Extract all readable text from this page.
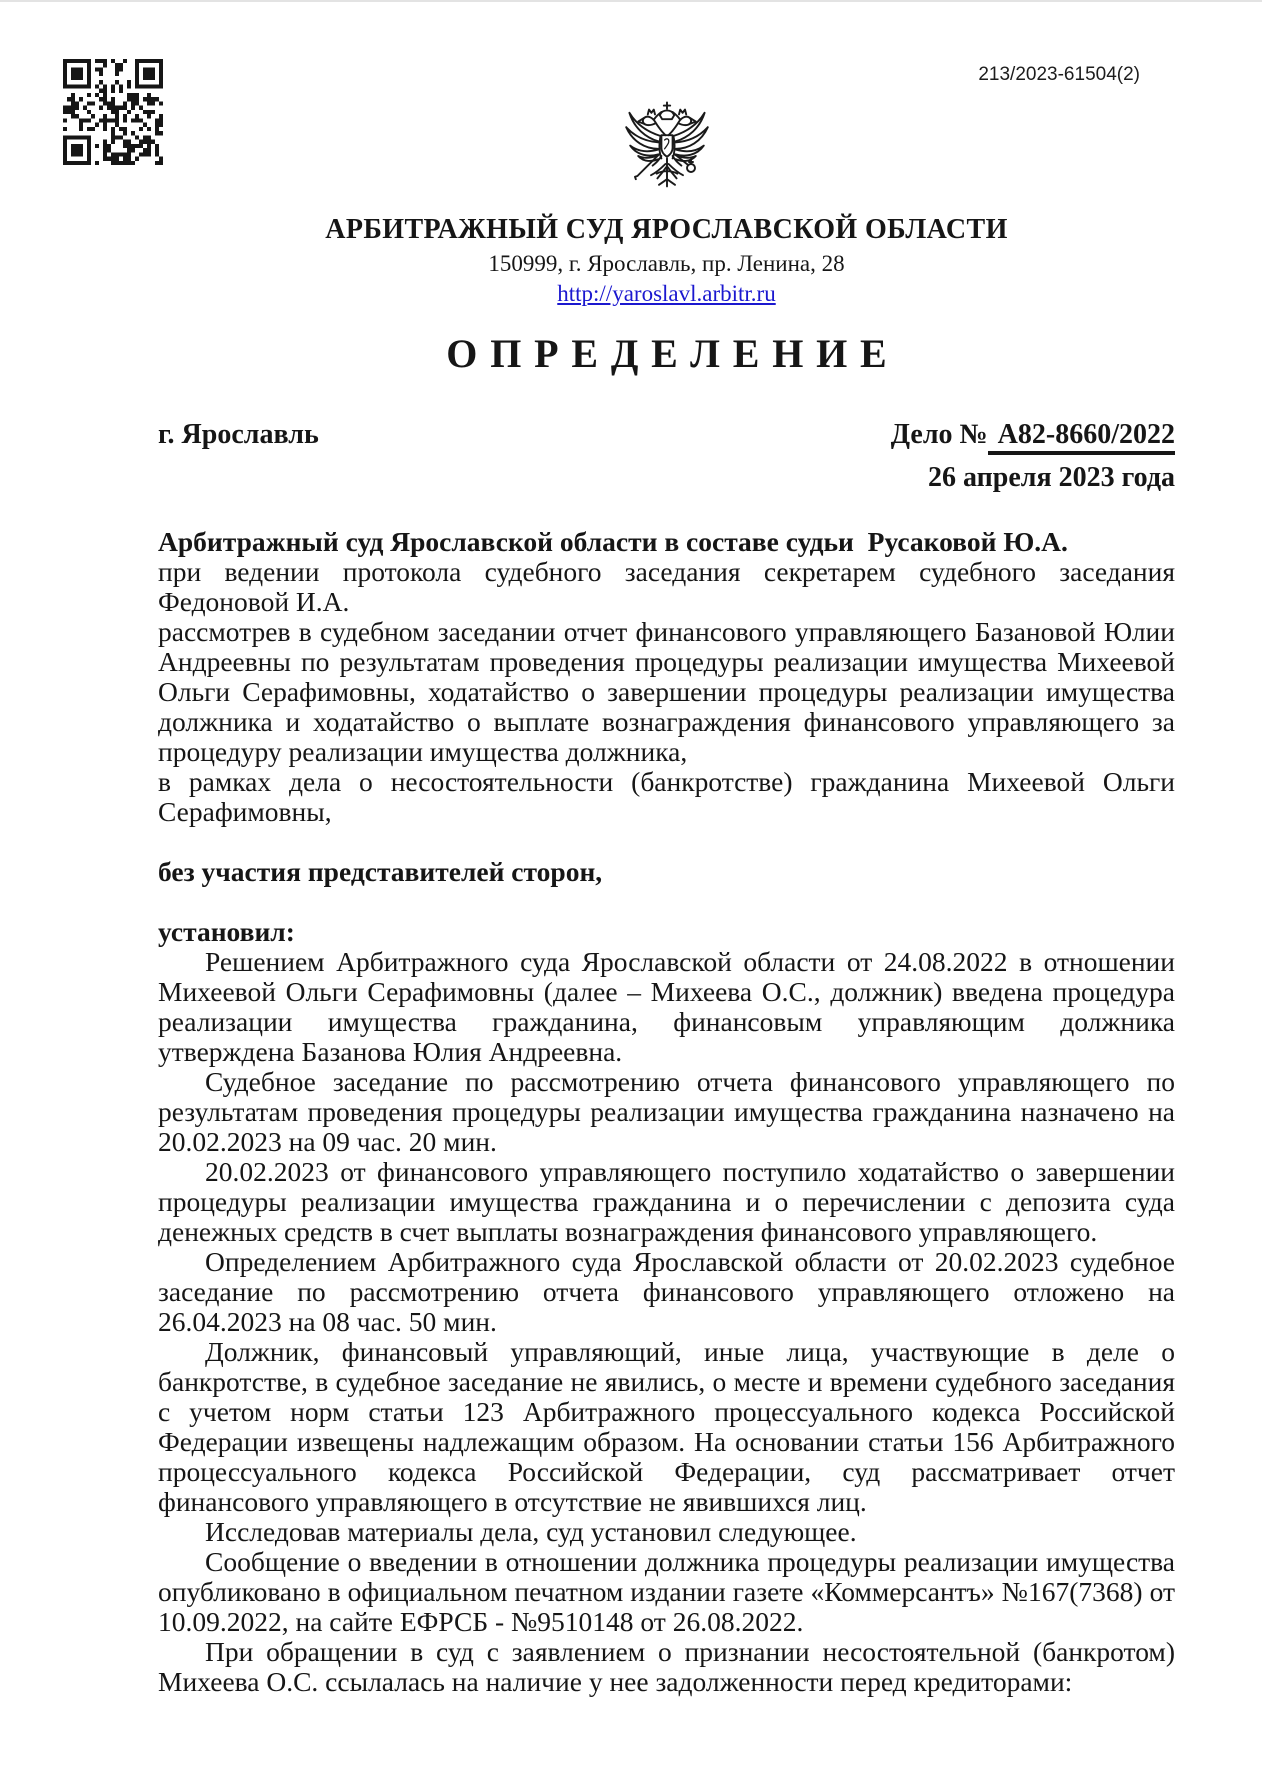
213/2023-61504(2)
АРБИТРАЖНЫЙ СУД ЯРОСЛАВСКОЙ ОБЛАСТИ
150999, г. Ярославль, пр. Ленина, 28
http://yaroslavl.arbitr.ru
ОПРЕДЕЛЕНИЕ
г. Ярославль	Дело № А82-8660/2022
26 апреля 2023 года

Арбитражный суд Ярославской области в составе судьи  Русаковой Ю.А.

при ведении протокола судебного заседания секретарем судебного заседания Федоновой И.А.

рассмотрев в судебном заседании отчет финансового управляющего Базановой Юлии Андреевны по результатам проведения процедуры реализации имущества Михеевой Ольги Серафимовны, ходатайство о завершении процедуры реализации имущества должника и ходатайство о выплате вознаграждения финансового управляющего за процедуру реализации имущества должника,

в рамках дела о несостоятельности (банкротстве) гражданина Михеевой Ольги Серафимовны,

без участия представителей сторон,

установил:

Решением Арбитражного суда Ярославской области от 24.08.2022 в отношении Михеевой Ольги Серафимовны (далее – Михеева О.С., должник) введена процедура реализации имущества гражданина, финансовым управляющим должника утверждена Базанова Юлия Андреевна.

Судебное заседание по рассмотрению отчета финансового управляющего по результатам проведения процедуры реализации имущества гражданина назначено на 20.02.2023 на 09 час. 20 мин.

20.02.2023 от финансового управляющего поступило ходатайство о завершении процедуры реализации имущества гражданина и о перечислении с депозита суда денежных средств в счет выплаты вознаграждения финансового управляющего.

Определением Арбитражного суда Ярославской области от 20.02.2023 судебное заседание по рассмотрению отчета финансового управляющего отложено на 26.04.2023 на 08 час. 50 мин.

Должник, финансовый управляющий, иные лица, участвующие в деле о банкротстве, в судебное заседание не явились, о месте и времени судебного заседания с учетом норм статьи 123 Арбитражного процессуального кодекса Российской Федерации извещены надлежащим образом. На основании статьи 156 Арбитражного процессуального кодекса Российской Федерации, суд рассматривает отчет финансового управляющего в отсутствие не явившихся лиц.

Исследовав материалы дела, суд установил следующее.

Сообщение о введении в отношении должника процедуры реализации имущества опубликовано в официальном печатном издании газете «Коммерсантъ» №167(7368) от 10.09.2022, на сайте ЕФРСБ - №9510148 от 26.08.2022.

При обращении в суд с заявлением о признании несостоятельной (банкротом) Михеева О.С. ссылалась на наличие у нее задолженности перед кредиторами:
